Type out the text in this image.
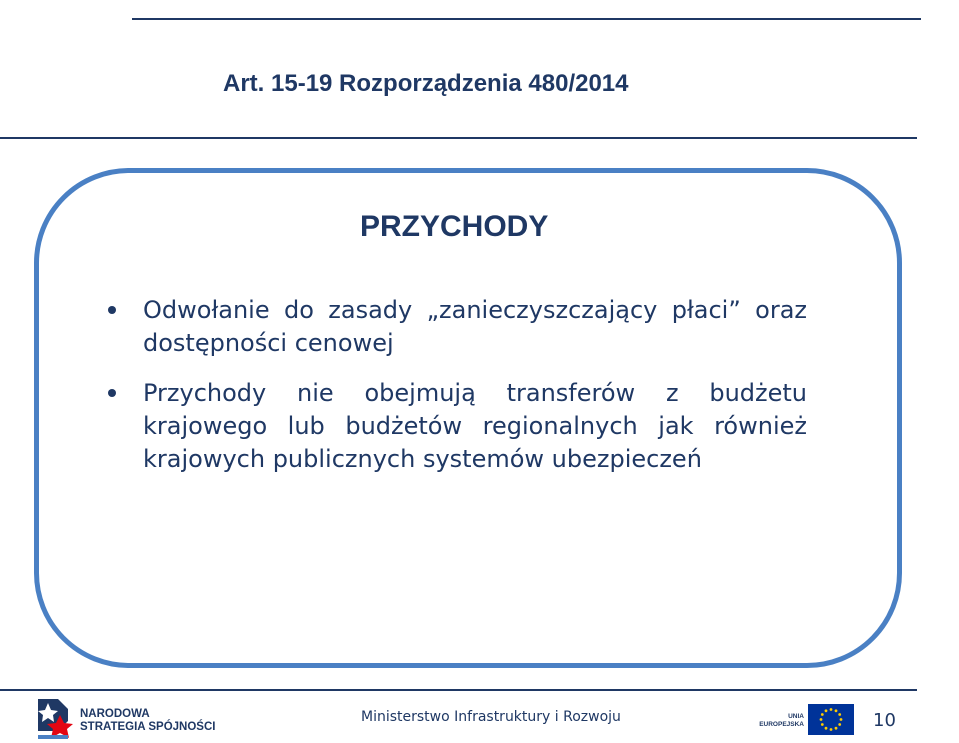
Art. 15-19 Rozporządzenia 480/2014
PRZYCHODY
Odwołanie do zasady „zanieczyszczający płaci” oraz dostępności cenowej
Przychody nie obejmują transferów z budżetu krajowego lub budżetów regionalnych jak również krajowych publicznych systemów ubezpieczeń
NARODOWA
STRATEGIA SPÓJNOŚCI
Ministerstwo Infrastruktury i Rozwoju	UNIA
EUROPEJSKA	10
